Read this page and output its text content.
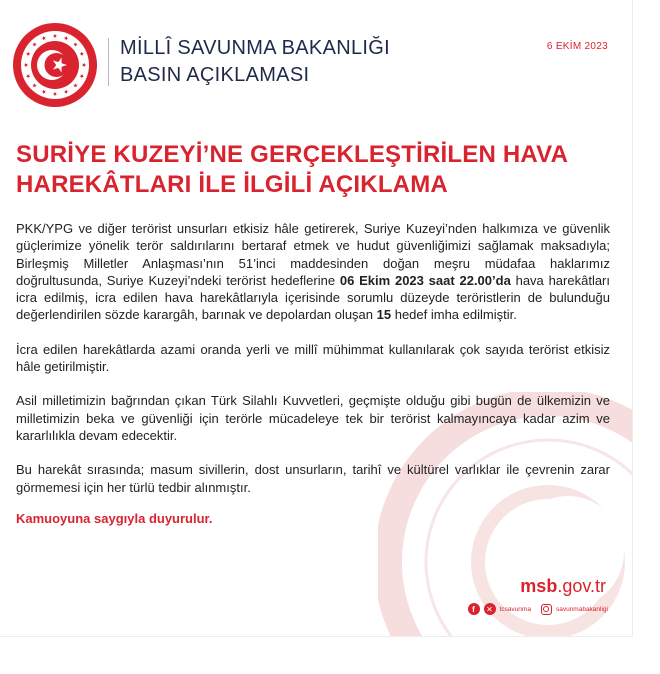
MİLLÎ SAVUNMA BAKANLIĞI
BASIN AÇIKLAMASI
6 EKİM 2023
SURİYE KUZEYİ’NE GERÇEKLEŞTİRİLEN HAVA
HAREKÂTLARI İLE İLGİLİ AÇIKLAMA

PKK/YPG ve diğer terörist unsurları etkisiz hâle getirerek, Suriye Kuzeyi’nden halkımıza ve güvenlik güçlerimize yönelik terör saldırılarını bertaraf etmek ve hudut güvenliğimizi sağlamak maksadıyla; Birleşmiş Milletler Anlaşması’nın 51’inci maddesinden doğan meşru müdafaa haklarımız doğrultusunda, Suriye Kuzeyi’ndeki terörist hedeflerine 06 Ekim 2023 saat 22.00’da hava harekâtları icra edilmiş, icra edilen hava harekâtlarıyla içerisinde sorumlu düzeyde teröristlerin de bulunduğu değerlendirilen sözde karargâh, barınak ve depolardan oluşan 15 hedef imha edilmiştir.

İcra edilen harekâtlarda azami oranda yerli ve millî mühimmat kullanılarak çok sayıda terörist etkisiz hâle getirilmiştir.

Asil milletimizin bağrından çıkan Türk Silahlı Kuvvetleri, geçmişte olduğu gibi bugün de ülkemizin ve milletimizin beka ve güvenliği için terörle mücadeleye tek bir terörist kalmayıncaya kadar azim ve kararlılıkla devam edecektir.

Bu harekât sırasında; masum sivillerin, dost unsurların, tarihî ve kültürel varlıklar ile çevrenin zarar görmemesi için her türlü tedbir alınmıştır.

Kamuoyuna saygıyla duyurulur.

msb.gov.tr
f	✕	tcsavunma	savunmabakanligi
